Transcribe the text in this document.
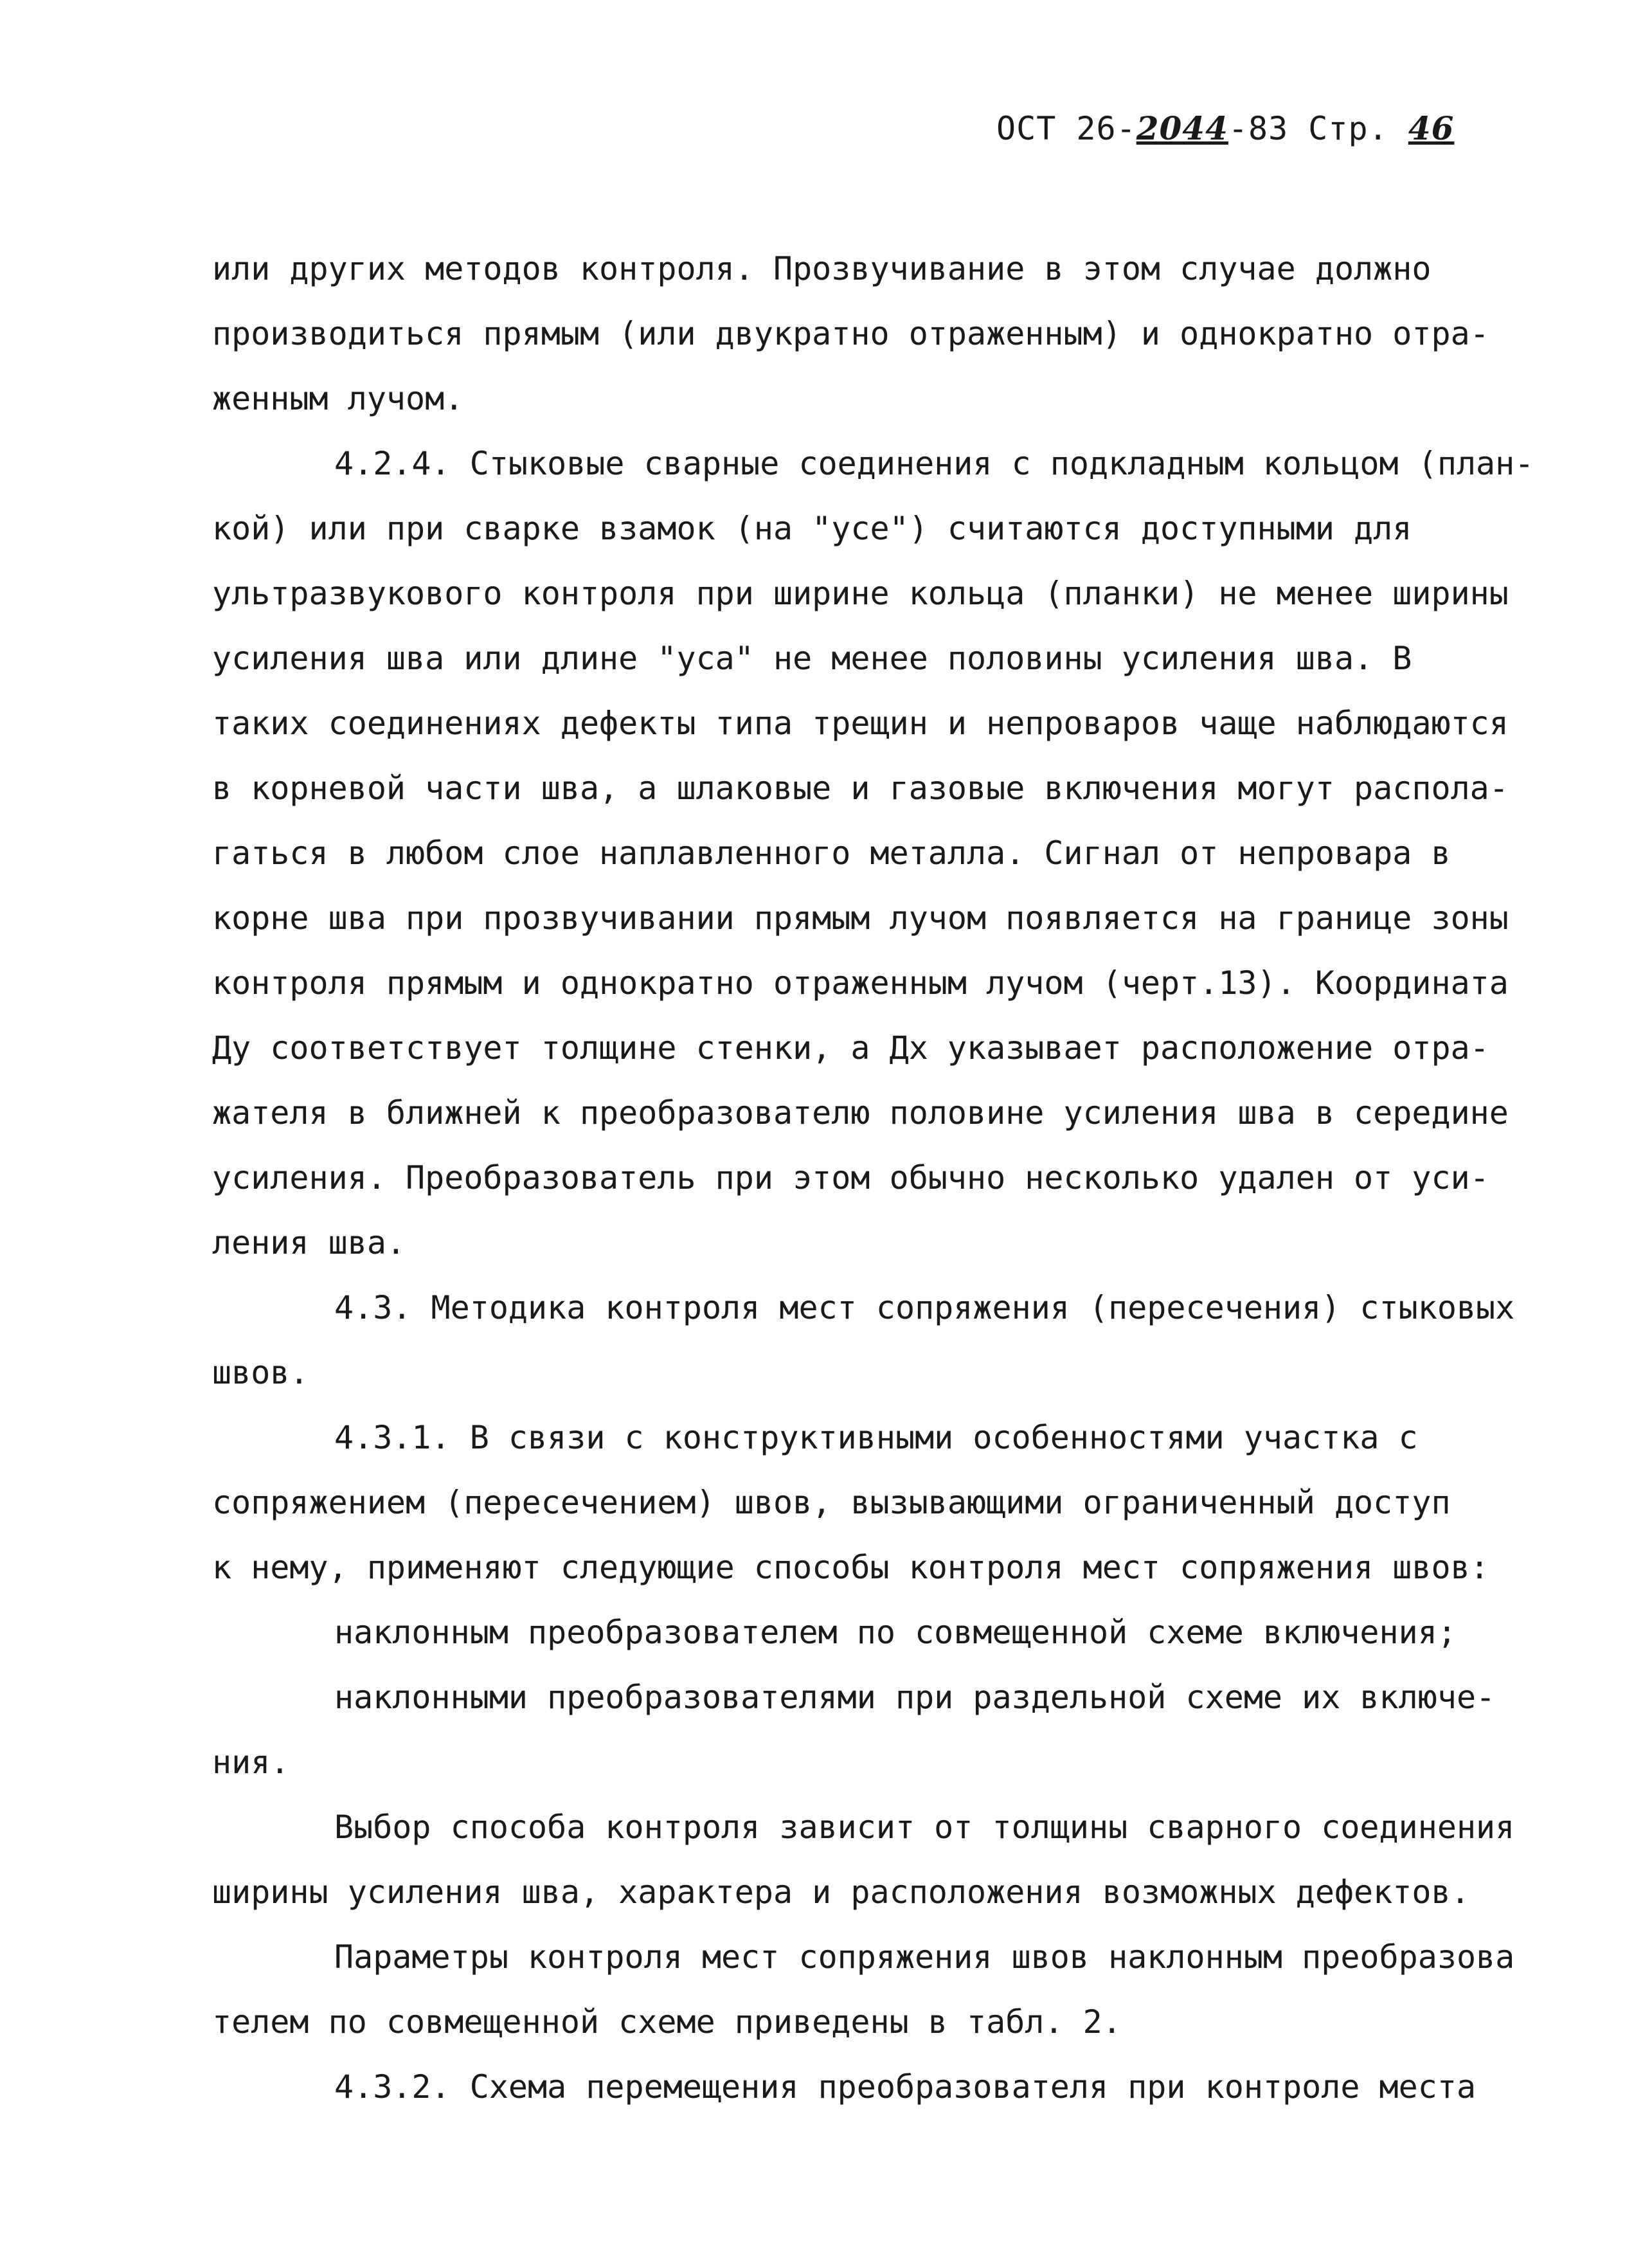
ОСТ 26-2044-83 Стр. 46
или других методов контроля. Прозвучивание в этом случае должно
производиться прямым (или двукратно отраженным) и однократно отра-
женным лучом.
4.2.4. Стыковые сварные соединения с подкладным кольцом (план-
кой) или при сварке взамок (на "усе") считаются доступными для
ультразвукового контроля при ширине кольца (планки) не менее ширины
усиления шва или длине "уса" не менее половины усиления шва. В
таких соединениях дефекты типа трещин и непроваров чаще наблюдаются
в корневой части шва, а шлаковые и газовые включения могут распола-
гаться в любом слое наплавленного металла. Сигнал от непровара в
корне шва при прозвучивании прямым лучом появляется на границе зоны
контроля прямым и однократно отраженным лучом (черт.13). Координата
Ду соответствует толщине стенки, а Дх указывает расположение отра-
жателя в ближней к преобразователю половине усиления шва в середине
усиления. Преобразователь при этом обычно несколько удален от уси-
ления шва.
4.3. Методика контроля мест сопряжения (пересечения) стыковых
швов.
4.3.1. В связи с конструктивными особенностями участка с
сопряжением (пересечением) швов, вызывающими ограниченный доступ
к нему, применяют следующие способы контроля мест сопряжения швов:
наклонным преобразователем по совмещенной схеме включения;
наклонными преобразователями при раздельной схеме их включе-
ния.
Выбор способа контроля зависит от толщины сварного соединения
ширины усиления шва, характера и расположения возможных дефектов.
Параметры контроля мест сопряжения швов наклонным преобразова
телем по совмещенной схеме приведены в табл. 2.
4.3.2. Схема перемещения преобразователя при контроле места
